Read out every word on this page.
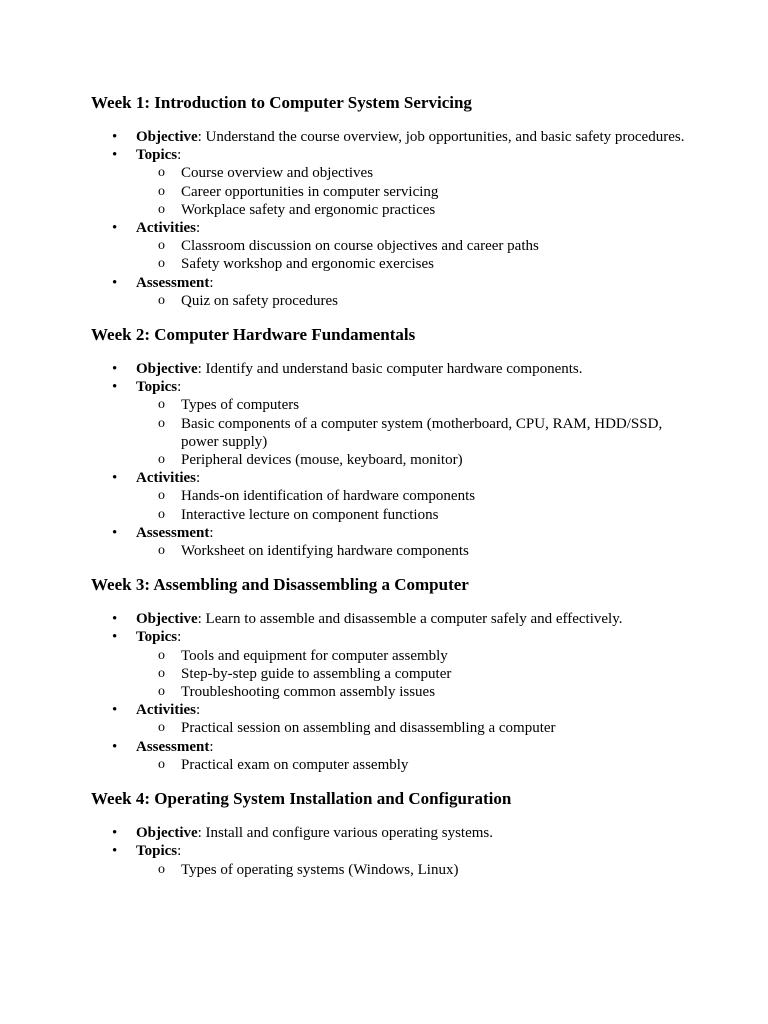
Week 1: Introduction to Computer System Servicing
• Objective: Understand the course overview, job opportunities, and basic safety procedures.
• Topics:
o Course overview and objectives
o Career opportunities in computer servicing
o Workplace safety and ergonomic practices
• Activities:
o Classroom discussion on course objectives and career paths
o Safety workshop and ergonomic exercises
• Assessment:
o Quiz on safety procedures
Week 2: Computer Hardware Fundamentals
• Objective: Identify and understand basic computer hardware components.
• Topics:
o Types of computers
o Basic components of a computer system (motherboard, CPU, RAM, HDD/SSD, power supply)
o Peripheral devices (mouse, keyboard, monitor)
• Activities:
o Hands-on identification of hardware components
o Interactive lecture on component functions
• Assessment:
o Worksheet on identifying hardware components
Week 3: Assembling and Disassembling a Computer
• Objective: Learn to assemble and disassemble a computer safely and effectively.
• Topics:
o Tools and equipment for computer assembly
o Step-by-step guide to assembling a computer
o Troubleshooting common assembly issues
• Activities:
o Practical session on assembling and disassembling a computer
• Assessment:
o Practical exam on computer assembly
Week 4: Operating System Installation and Configuration
• Objective: Install and configure various operating systems.
• Topics:
o Types of operating systems (Windows, Linux)
